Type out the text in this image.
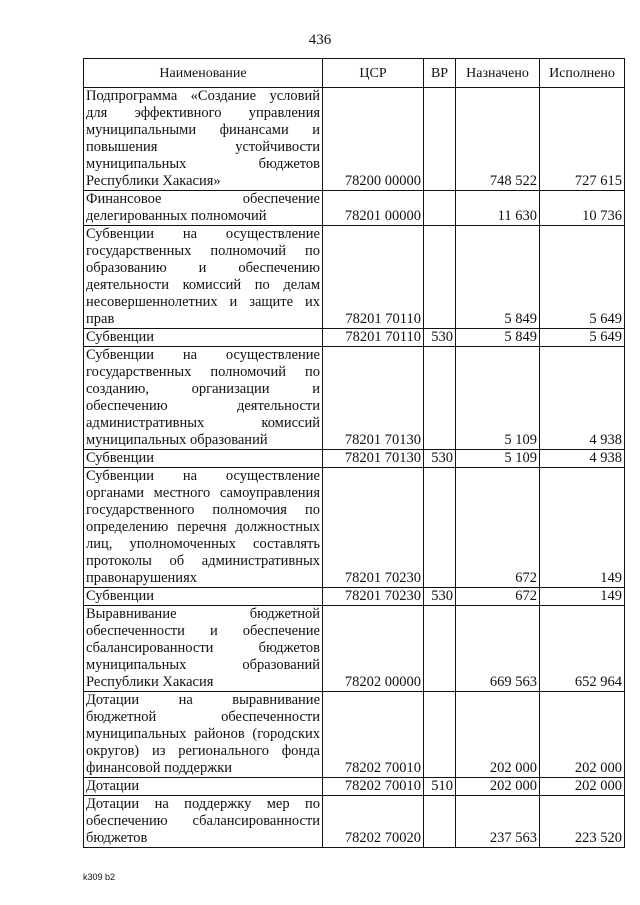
436
Наименование	ЦСР	ВР	Назначено	Исполнено
Подпрограмма «Создание условий для эффективного управления муниципальными финансами и повышения устойчивости муниципальных бюджетов Республики Хакасия»	78200 00000		748 522	727 615
Финансовое обеспечение делегированных полномочий	78201 00000		11 630	10 736
Субвенции на осуществление государственных полномочий по образованию и обеспечению деятельности комиссий по делам несовершеннолетних и защите их прав	78201 70110		5 849	5 649
Субвенции	78201 70110	530	5 849	5 649
Субвенции на осуществление государственных полномочий по созданию, организации и обеспечению деятельности административных комиссий муниципальных образований	78201 70130		5 109	4 938
Субвенции	78201 70130	530	5 109	4 938
Субвенции на осуществление органами местного самоуправления государственного полномочия по определению перечня должностных лиц, уполномоченных составлять протоколы об административных правонарушениях	78201 70230		672	149
Субвенции	78201 70230	530	672	149
Выравнивание бюджетной обеспеченности и обеспечение сбалансированности бюджетов муниципальных образований Республики Хакасия	78202 00000		669 563	652 964
Дотации на выравнивание бюджетной обеспеченности муниципальных районов (городских округов) из регионального фонда финансовой поддержки	78202 70010		202 000	202 000
Дотации	78202 70010	510	202 000	202 000
Дотации на поддержку мер по обеспечению сбалансированности бюджетов	78202 70020		237 563	223 520
k309 b2
